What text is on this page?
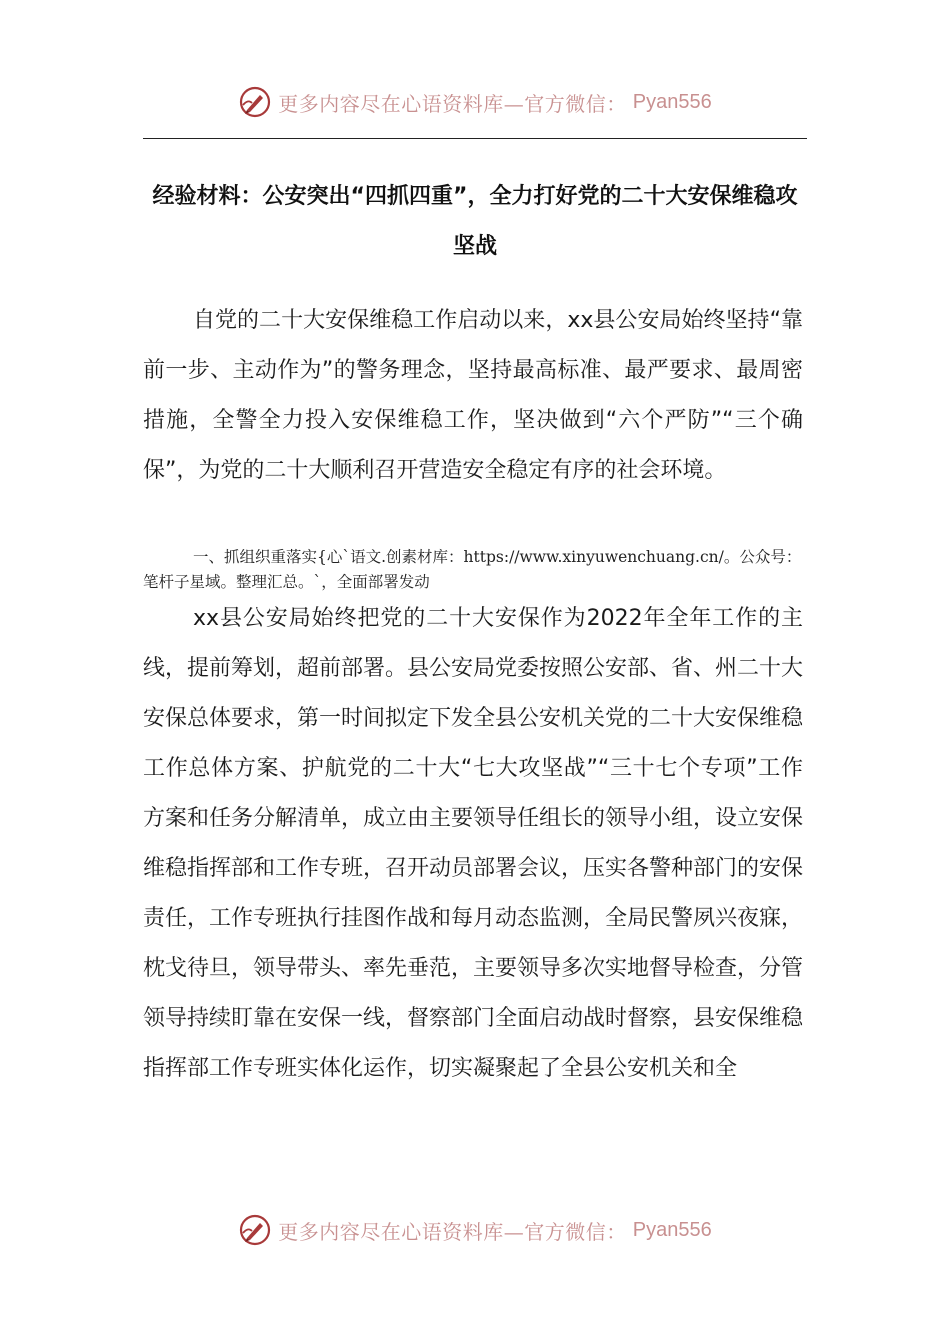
更多内容尽在心语资料库—官方微信： Pyan556
经验材料：公安突出“四抓四重”，全力打好党的二十大安保维稳攻坚战
自党的二十大安保维稳工作启动以来，xx县公安局始终坚持“靠前一步、主动作为”的警务理念，坚持最高标准、最严要求、最周密措施，全警全力投入安保维稳工作，坚决做到“六个严防”“三个确保”，为党的二十大顺利召开营造安全稳定有序的社会环境。
一、抓组织重落实{心`语文.创素材库：https://www.xinyuwenchuang.cn/。公众号：笔杆子星域。整理汇总。`，全面部署发动
xx县公安局始终把党的二十大安保作为2022年全年工作的主线，提前筹划，超前部署。县公安局党委按照公安部、省、州二十大安保总体要求，第一时间拟定下发全县公安机关党的二十大安保维稳工作总体方案、护航党的二十大“七大攻坚战”“三十七个专项”工作方案和任务分解清单，成立由主要领导任组长的领导小组，设立安保维稳指挥部和工作专班，召开动员部署会议，压实各警种部门的安保责任，工作专班执行挂图作战和每月动态监测，全局民警夙兴夜寐，枕戈待旦，领导带头、率先垂范，主要领导多次实地督导检查，分管领导持续盯靠在安保一线，督察部门全面启动战时督察，县安保维稳指挥部工作专班实体化运作，切实凝聚起了全县公安机关和全
更多内容尽在心语资料库—官方微信： Pyan556
